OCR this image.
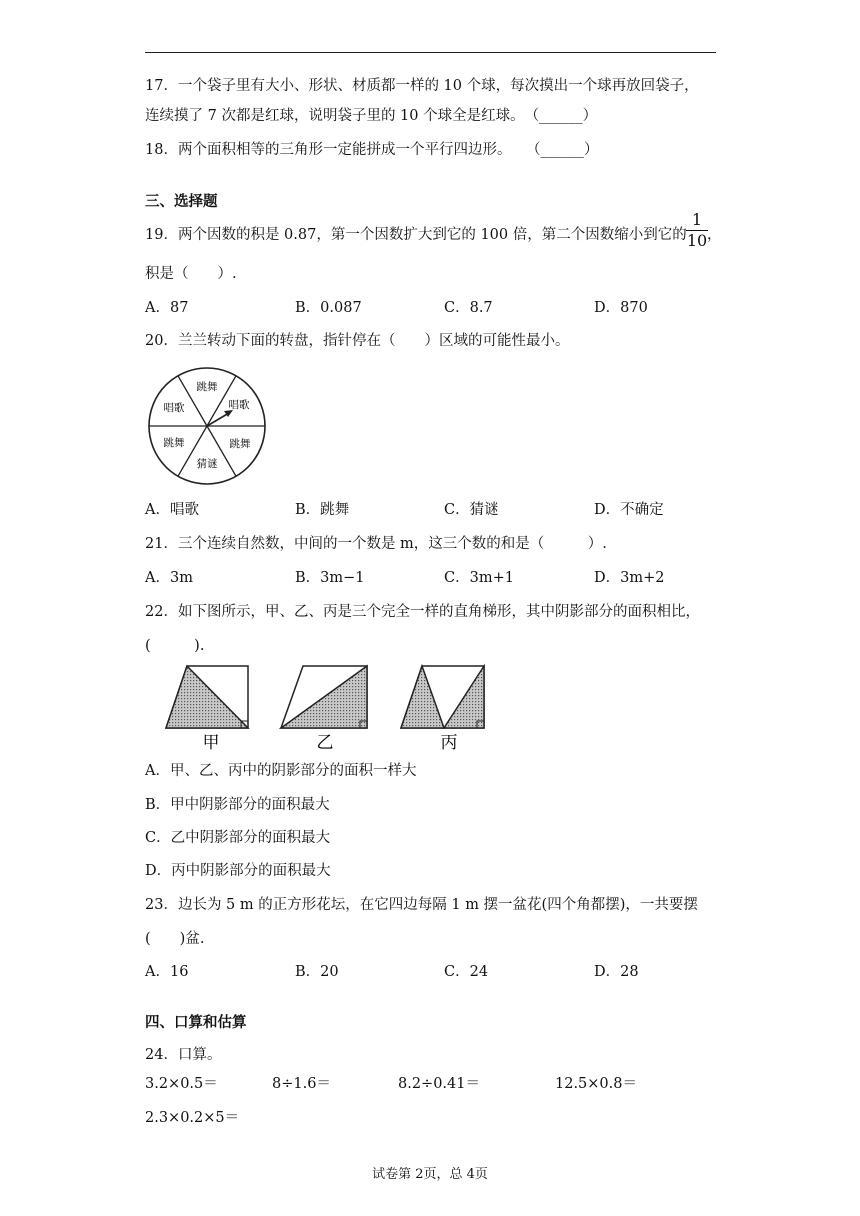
17．一个袋子里有大小、形状、材质都一样的 10 个球，每次摸出一个球再放回袋子，
连续摸了 7 次都是红球，说明袋子里的 10 个球全是红球。　（______）
18．两个面积相等的三角形一定能拼成一个平行四边形。　　（______）
三、选择题
19．两个因数的积是 0.87，第一个因数扩大到它的 100 倍，第二个因数缩小到它的 $\frac{1}{10}$ ，
积是（　　）.
A．87	B．0.087	C．8.7	D．870
20．兰兰转动下面的转盘，指针停在（　　）区域的可能性最小。
跳舞
唱歌
跳舞
猜谜
跳舞
唱歌
A．唱歌	B．跳舞	C．猜谜	D．不确定
21．三个连续自然数，中间的一个数是 m，这三个数的和是（　　　）.
A．3m	B．3m−1	C．3m+1	D．3m+2
22．如下图所示，甲、乙、丙是三个完全一样的直角梯形，其中阴影部分的面积相比，
(　　　).
甲	乙	丙
A．甲、乙、丙中的阴影部分的面积一样大
B．甲中阴影部分的面积最大
C．乙中阴影部分的面积最大
D．丙中阴影部分的面积最大
23．边长为 5 m 的正方形花坛，在它四边每隔 1 m 摆一盆花(四个角都摆)，一共要摆
(　　)盆.
A．16	B．20	C．24	D．28
四、口算和估算
24．口算。
3.2×0.5＝	8÷1.6＝	8.2÷0.41＝	12.5×0.8＝
2.3×0.2×5＝
试卷第 2页，总 4页
